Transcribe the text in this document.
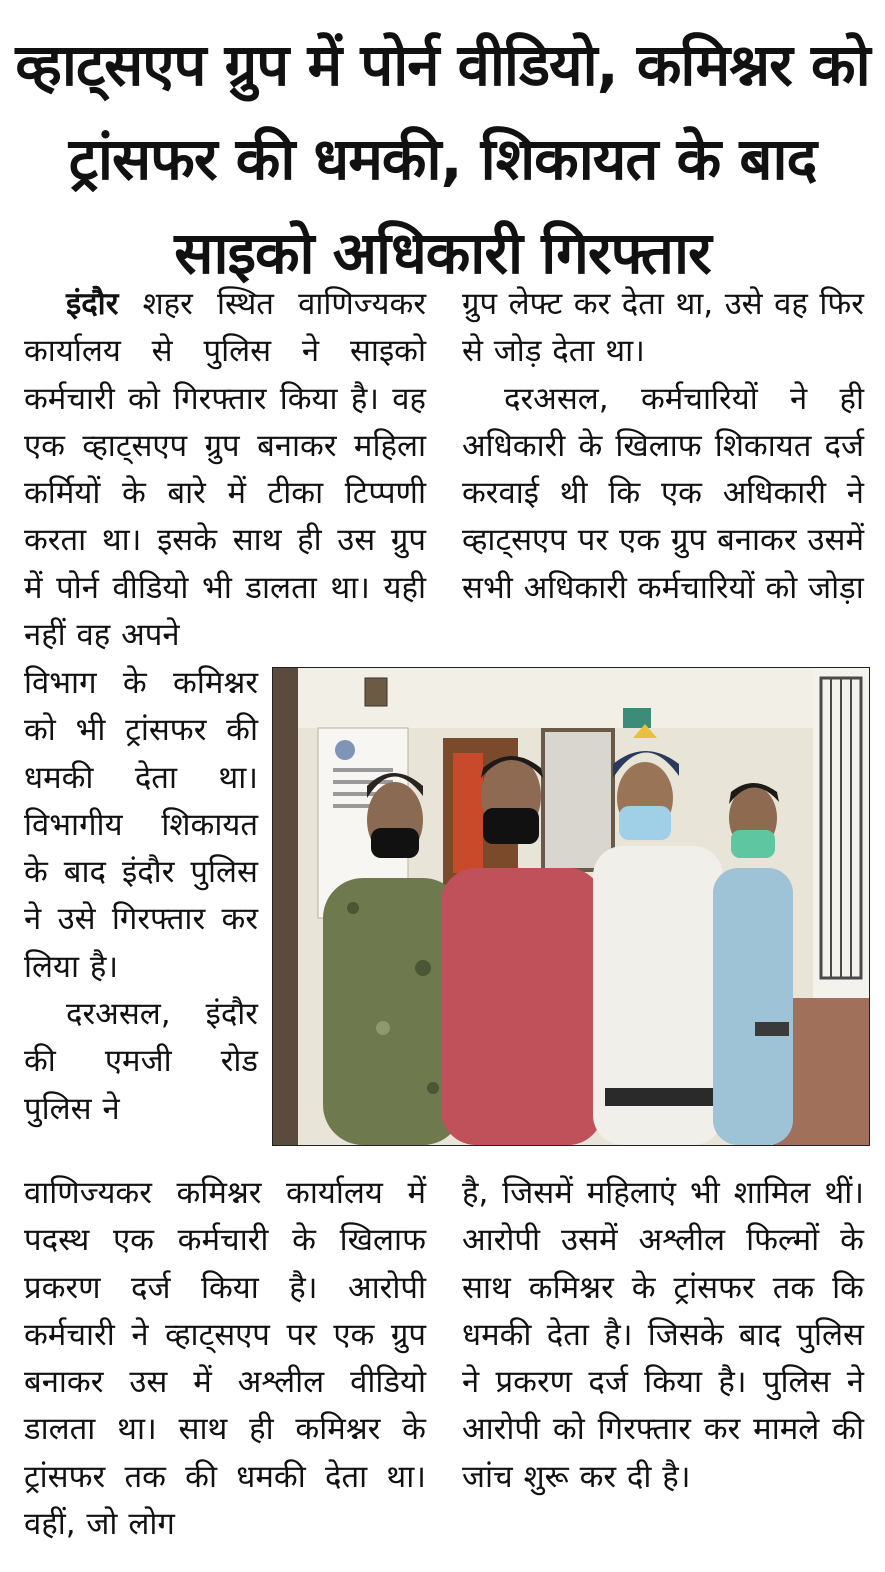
व्हाट्सएप ग्रुप में पोर्न वीडियो, कमिश्नर को ट्रांसफर की धमकी, शिकायत के बाद साइको अधिकारी गिरफ्तार

इंदौर शहर स्थित वाणिज्यकर कार्यालय से पुलिस ने साइको कर्मचारी को गिरफ्तार किया है। वह एक व्हाट्सएप ग्रुप बनाकर महिला कर्मियों के बारे में टीका टिप्पणी करता था। इसके साथ ही उस ग्रुप में पोर्न वीडियो भी डालता था। यही नहीं वह अपने

विभाग के कमिश्नर को भी ट्रांसफर की धमकी देता था। विभागीय शिकायत के बाद इंदौर पुलिस ने उसे गिरफ्तार कर लिया है।

दरअसल, इंदौर की एमजी रोड पुलिस ने

वाणिज्यकर कमिश्नर कार्यालय में पदस्थ एक कर्मचारी के खिलाफ प्रकरण दर्ज किया है। आरोपी कर्मचारी ने व्हाट्सएप पर एक ग्रुप बनाकर उस में अश्लील वीडियो डालता था। साथ ही कमिश्नर के ट्रांसफर तक की धमकी देता था। वहीं, जो लोग

ग्रुप लेफ्ट कर देता था, उसे वह फिर से जोड़ देता था।

दरअसल, कर्मचारियों ने ही अधिकारी के खिलाफ शिकायत दर्ज करवाई थी कि एक अधिकारी ने व्हाट्सएप पर एक ग्रुप बनाकर उसमें सभी अधिकारी कर्मचारियों को जोड़ा

है, जिसमें महिलाएं भी शामिल थीं। आरोपी उसमें अश्लील फिल्मों के साथ कमिश्नर के ट्रांसफर तक कि धमकी देता है। जिसके बाद पुलिस ने प्रकरण दर्ज किया है। पुलिस ने आरोपी को गिरफ्तार कर मामले की जांच शुरू कर दी है।
